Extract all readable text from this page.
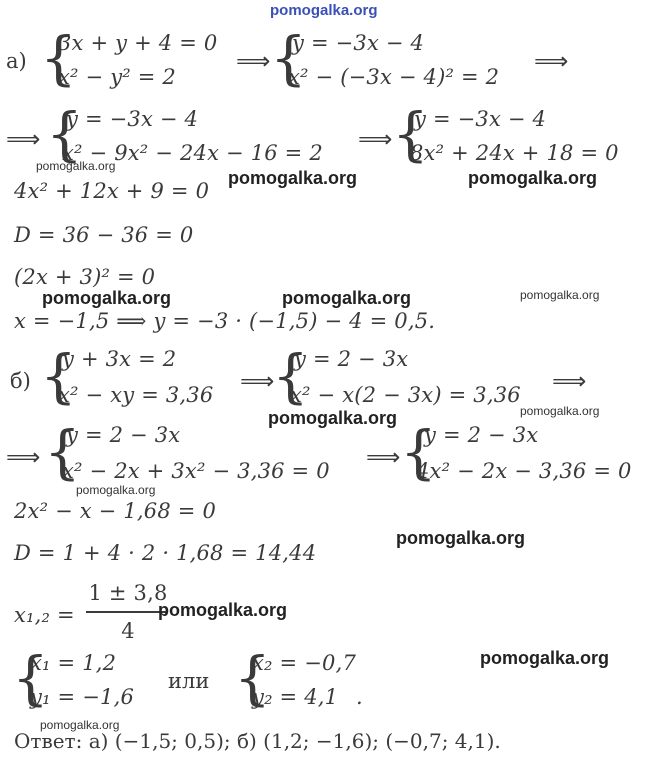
pomogalka.org
а) {
3x + y + 4 = 0
x² − y² = 2
⟹ {
y = −3x − 4
x² − (−3x − 4)² = 2
⟹
⟹ {
y = −3x − 4
x² − 9x² − 24x − 16 = 2 ⟹ {
y = −3x − 4
8x² + 24x + 18 = 0
pomogalka.org
pomogalka.org	pomogalka.org
4x² + 12x + 9 = 0
D = 36 − 36 = 0
(2x + 3)² = 0
pomogalka.org	pomogalka.org	pomogalka.org
x = −1,5 ⟹ y = −3 · (−1,5) − 4 = 0,5.
б) {
y + 3x = 2
x² − xy = 3,36 ⟹
{
y = 2 − 3x
x² − x(2 − 3x) = 3,36 ⟹
pomogalka.org	pomogalka.org
⟹ {
y = 2 − 3x
x² − 2x + 3x² − 3,36 = 0 ⟹ {
y = 2 − 3x
4x² − 2x − 3,36 = 0
pomogalka.org
2x² − x − 1,68 = 0
pomogalka.org
D = 1 + 4 · 2 · 1,68 = 14,44
x₁,₂ =
1 ± 3,8
4
pomogalka.org
{
x₁ = 1,2
y₁ = −1,6
или {
x₂ = −0,7
y₂ = 4,1 .
pomogalka.org
pomogalka.org
Ответ: а) (−1,5; 0,5); б) (1,2; −1,6); (−0,7; 4,1).
